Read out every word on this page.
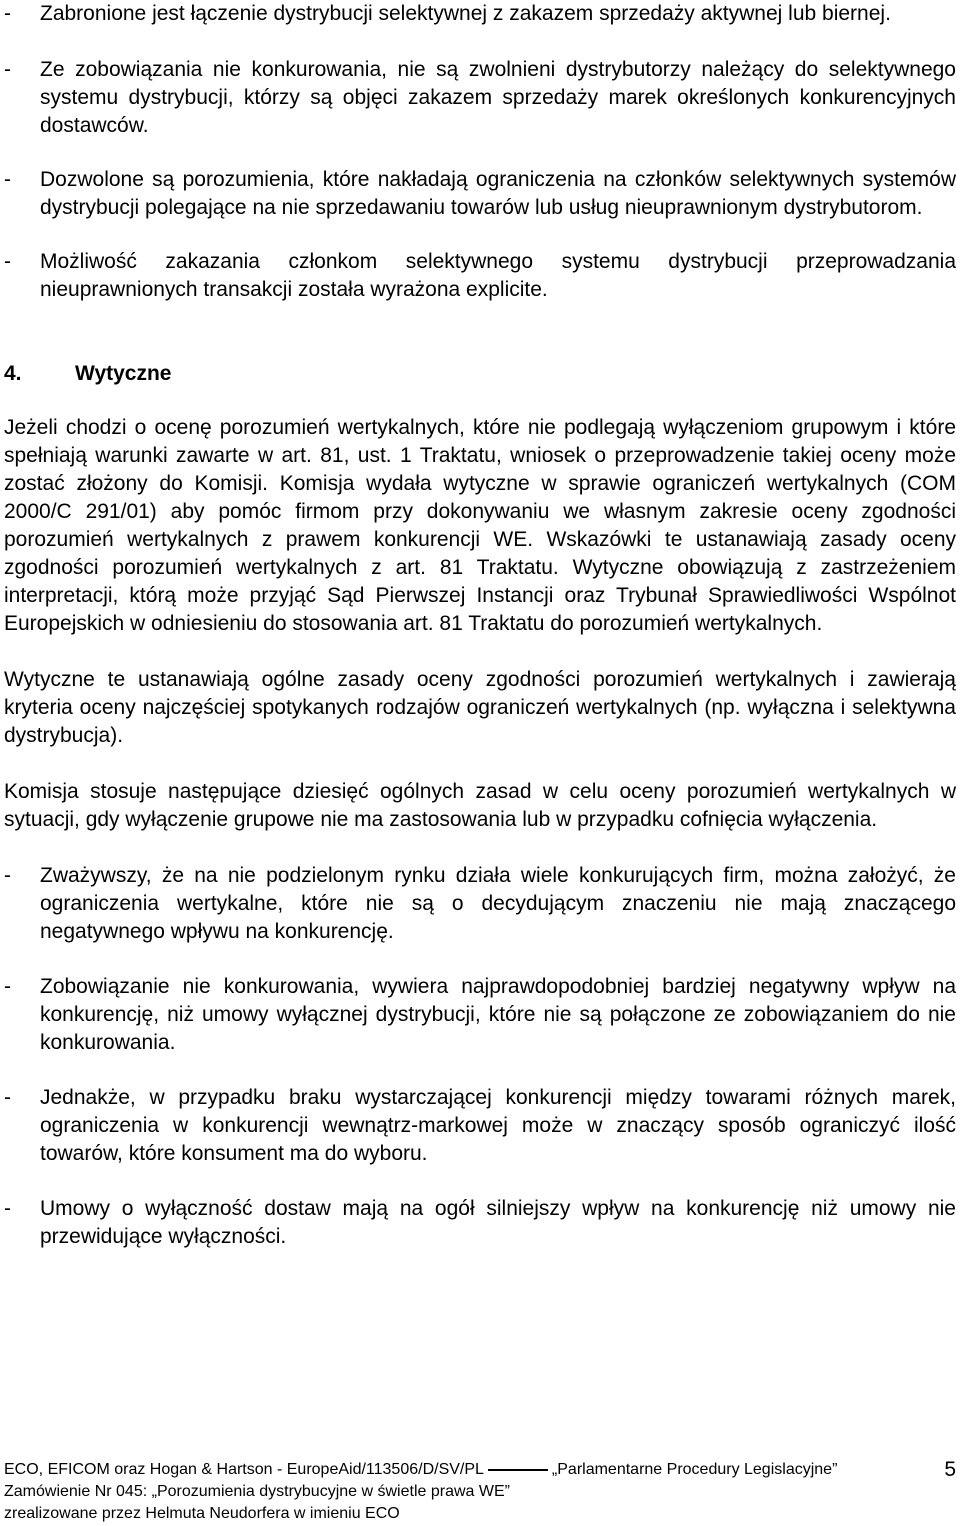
-	Zabronione jest łączenie dystrybucji selektywnej z zakazem sprzedaży aktywnej lub biernej.
-	Ze zobowiązania nie konkurowania, nie są zwolnieni dystrybutorzy należący do selektywnego systemu dystrybucji, którzy są objęci zakazem sprzedaży marek określonych konkurencyjnych dostawców.
-	Dozwolone są porozumienia, które nakładają ograniczenia na członków selektywnych systemów dystrybucji polegające na nie sprzedawaniu towarów lub usług nieuprawnionym dystrybutorom.
-	Możliwość zakazania członkom selektywnego systemu dystrybucji przeprowadzania nieuprawnionych transakcji została wyrażona explicite.
4.	Wytyczne

Jeżeli chodzi o ocenę porozumień wertykalnych, które nie podlegają wyłączeniom grupowym i które spełniają warunki zawarte w art. 81, ust. 1 Traktatu, wniosek o przeprowadzenie takiej oceny może zostać złożony do Komisji. Komisja wydała wytyczne w sprawie ograniczeń wertykalnych (COM 2000/C 291/01) aby pomóc firmom przy dokonywaniu we własnym zakresie oceny zgodności porozumień wertykalnych z prawem konkurencji WE. Wskazówki te ustanawiają zasady oceny zgodności porozumień wertykalnych z art. 81 Traktatu. Wytyczne obowiązują z zastrzeżeniem interpretacji, którą może przyjąć Sąd Pierwszej Instancji oraz Trybunał Sprawiedliwości Wspólnot Europejskich w odniesieniu do stosowania art. 81 Traktatu do porozumień wertykalnych.

Wytyczne te ustanawiają ogólne zasady oceny zgodności porozumień wertykalnych i zawierają kryteria oceny najczęściej spotykanych rodzajów ograniczeń wertykalnych (np. wyłączna i selektywna dystrybucja).

Komisja stosuje następujące dziesięć ogólnych zasad w celu oceny porozumień wertykalnych w sytuacji, gdy wyłączenie grupowe nie ma zastosowania lub w przypadku cofnięcia wyłączenia.

-	Zważywszy, że na nie podzielonym rynku działa wiele konkurujących firm, można założyć, że ograniczenia wertykalne, które nie są o decydującym znaczeniu nie mają znaczącego negatywnego wpływu na konkurencję.
-	Zobowiązanie nie konkurowania, wywiera najprawdopodobniej bardziej negatywny wpływ na konkurencję, niż umowy wyłącznej dystrybucji, które nie są połączone ze zobowiązaniem do nie konkurowania.
-	Jednakże, w przypadku braku wystarczającej konkurencji między towarami różnych marek, ograniczenia w konkurencji wewnątrz-markowej może w znaczący sposób ograniczyć ilość towarów, które konsument ma do wyboru.
-	Umowy o wyłączność dostaw mają na ogół silniejszy wpływ na konkurencję niż umowy nie przewidujące wyłączności.

ECO, EFICOM oraz Hogan & Hartson - EuropeAid/113506/D/SV/PL	„Parlamentarne Procedury Legislacyjne”

Zamówienie Nr 045: „Porozumienia dystrybucyjne w świetle prawa WE”

zrealizowane przez Helmuta Neudorfera w imieniu ECO

5
